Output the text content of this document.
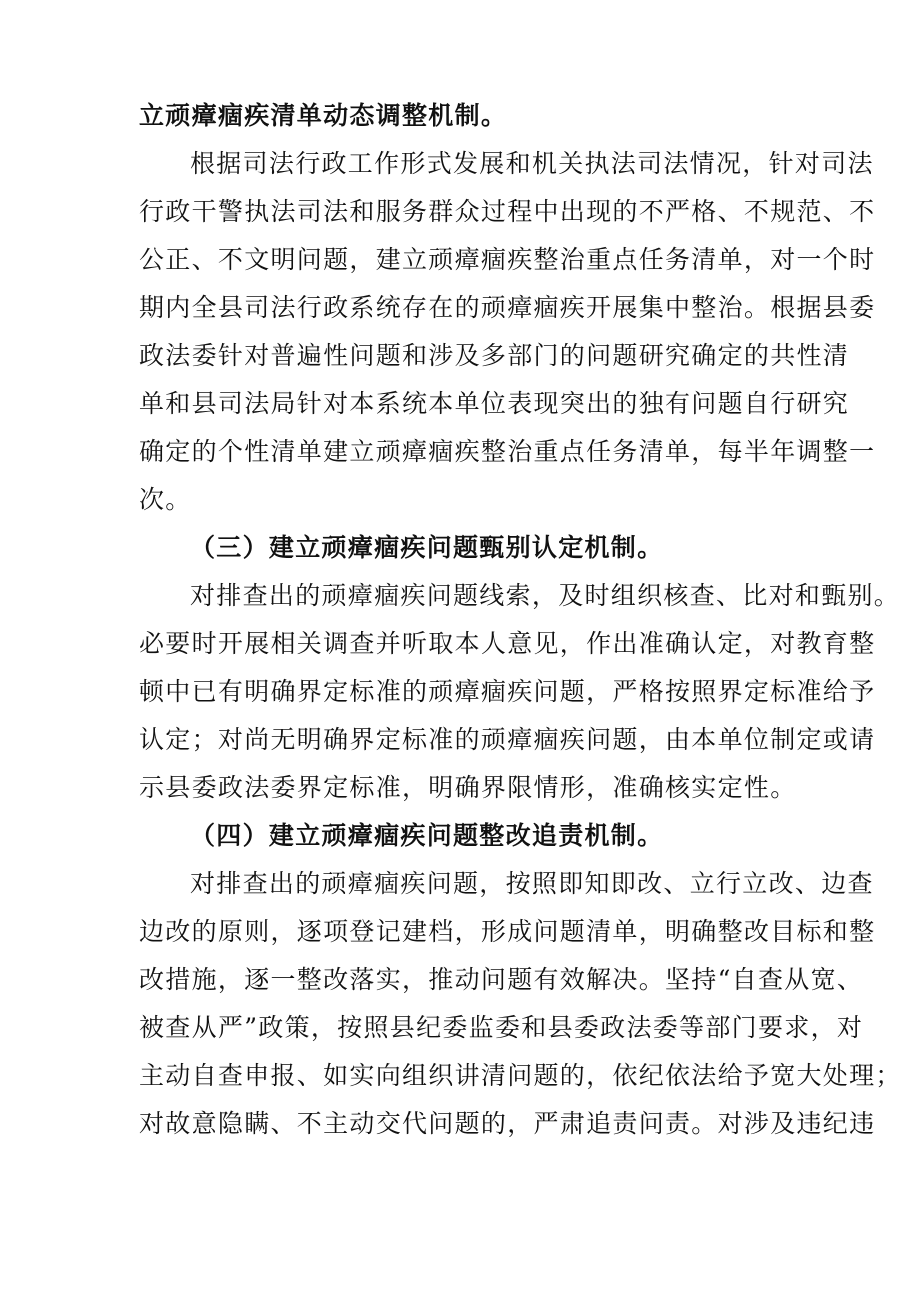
立顽瘴痼疾清单动态调整机制。
根据司法行政工作形式发展和机关执法司法情况，针对司法
行政干警执法司法和服务群众过程中出现的不严格、不规范、不
公正、不文明问题，建立顽瘴痼疾整治重点任务清单，对一个时
期内全县司法行政系统存在的顽瘴痼疾开展集中整治。根据县委
政法委针对普遍性问题和涉及多部门的问题研究确定的共性清
单和县司法局针对本系统本单位表现突出的独有问题自行研究
确定的个性清单建立顽瘴痼疾整治重点任务清单，每半年调整一
次。
（三）建立顽瘴痼疾问题甄别认定机制。
对排查出的顽瘴痼疾问题线索，及时组织核查、比对和甄别。
必要时开展相关调查并听取本人意见，作出准确认定，对教育整
顿中已有明确界定标准的顽瘴痼疾问题，严格按照界定标准给予
认定；对尚无明确界定标准的顽瘴痼疾问题，由本单位制定或请
示县委政法委界定标准，明确界限情形，准确核实定性。
（四）建立顽瘴痼疾问题整改追责机制。
对排查出的顽瘴痼疾问题，按照即知即改、立行立改、边查
边改的原则，逐项登记建档，形成问题清单，明确整改目标和整
改措施，逐一整改落实，推动问题有效解决。坚持“自查从宽、
被查从严”政策，按照县纪委监委和县委政法委等部门要求，对
主动自查申报、如实向组织讲清问题的，依纪依法给予宽大处理；
对故意隐瞒、不主动交代问题的，严肃追责问责。对涉及违纪违
